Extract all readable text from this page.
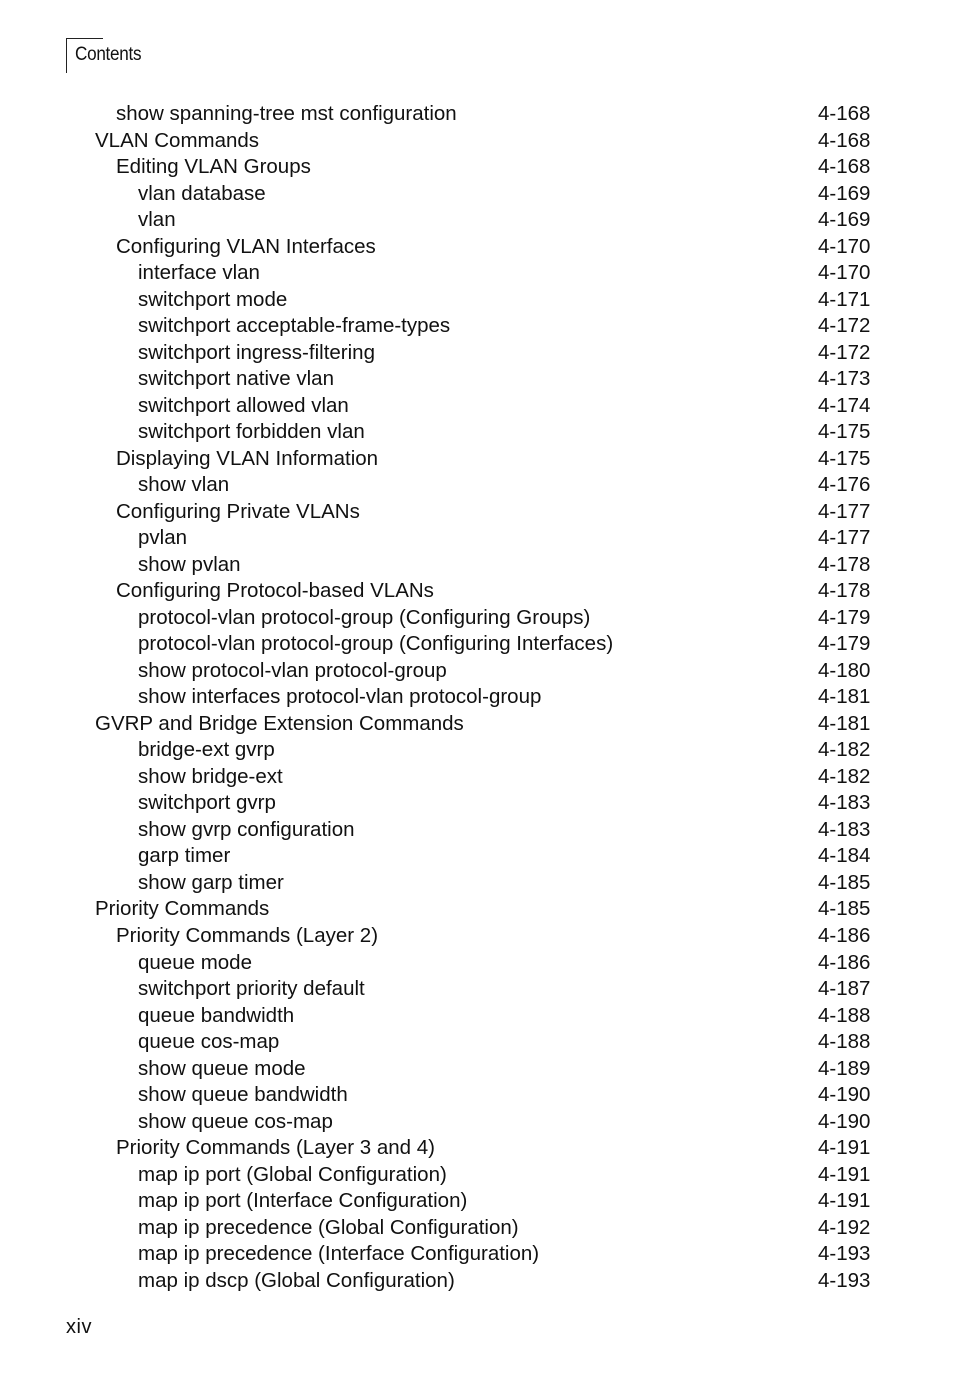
Contents
show spanning-tree mst configuration	4-168
VLAN Commands	4-168
Editing VLAN Groups	4-168
vlan database	4-169
vlan	4-169
Configuring VLAN Interfaces	4-170
interface vlan	4-170
switchport mode	4-171
switchport acceptable-frame-types	4-172
switchport ingress-filtering	4-172
switchport native vlan	4-173
switchport allowed vlan	4-174
switchport forbidden vlan	4-175
Displaying VLAN Information	4-175
show vlan	4-176
Configuring Private VLANs	4-177
pvlan	4-177
show pvlan	4-178
Configuring Protocol-based VLANs	4-178
protocol-vlan protocol-group (Configuring Groups)	4-179
protocol-vlan protocol-group (Configuring Interfaces)	4-179
show protocol-vlan protocol-group	4-180
show interfaces protocol-vlan protocol-group	4-181
GVRP and Bridge Extension Commands	4-181
bridge-ext gvrp	4-182
show bridge-ext	4-182
switchport gvrp	4-183
show gvrp configuration	4-183
garp timer	4-184
show garp timer	4-185
Priority Commands	4-185
Priority Commands (Layer 2)	4-186
queue mode	4-186
switchport priority default	4-187
queue bandwidth	4-188
queue cos-map	4-188
show queue mode	4-189
show queue bandwidth	4-190
show queue cos-map	4-190
Priority Commands (Layer 3 and 4)	4-191
map ip port (Global Configuration)	4-191
map ip port (Interface Configuration)	4-191
map ip precedence (Global Configuration)	4-192
map ip precedence (Interface Configuration)	4-193
map ip dscp (Global Configuration)	4-193
xiv
